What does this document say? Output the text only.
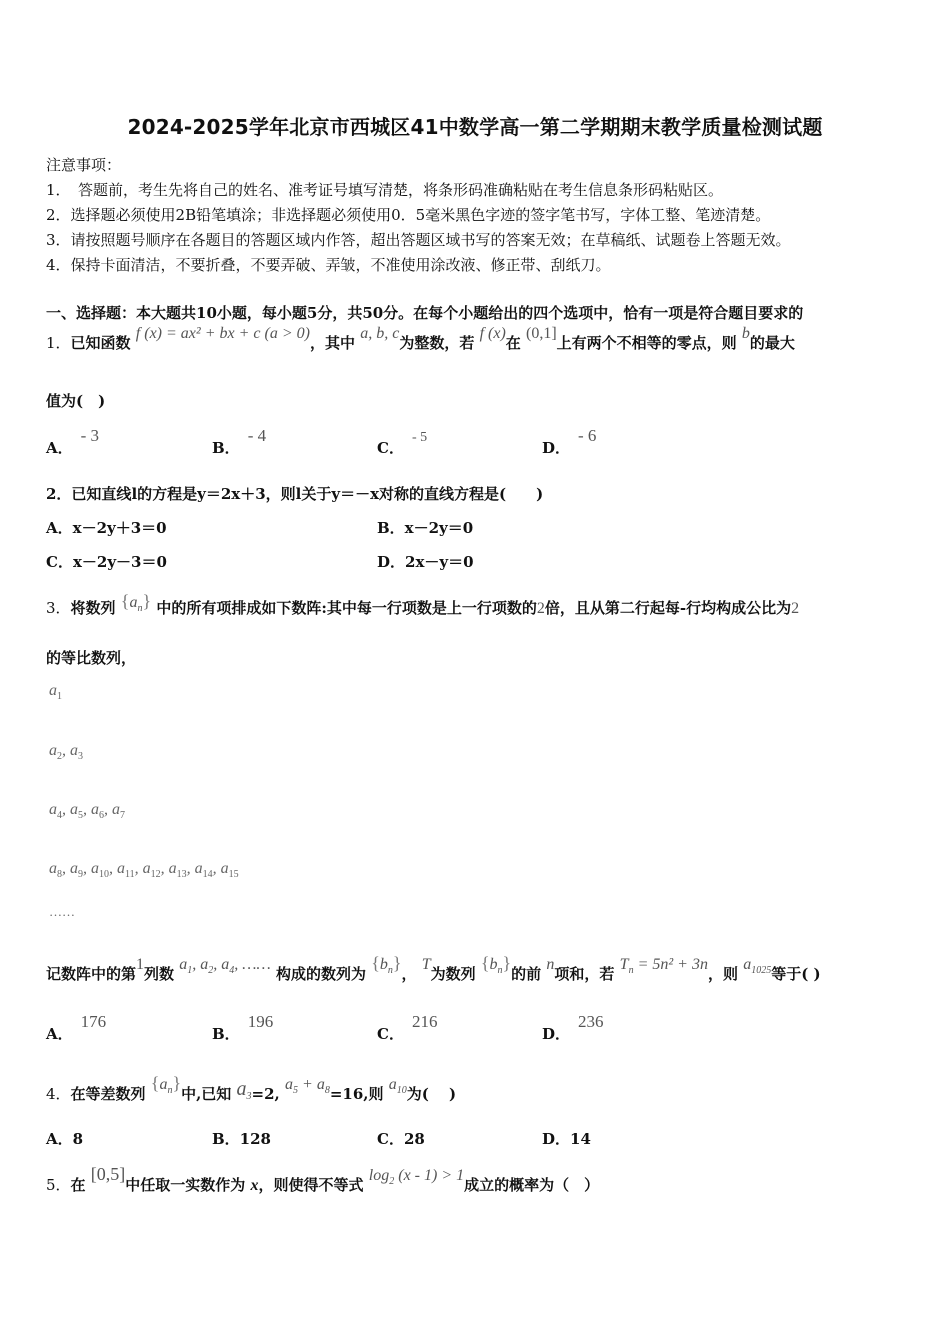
2024-2025学年北京市西城区41中数学高一第二学期期末教学质量检测试题
注意事项：
1．　答题前，考生先将自己的姓名、准考证号填写清楚，将条形码准确粘贴在考生信息条形码粘贴区。
2．选择题必须使用2B铅笔填涂；非选择题必须使用0．5毫米黑色字迹的签字笔书写，字体工整、笔迹清楚。
3．请按照题号顺序在各题目的答题区域内作答，超出答题区域书写的答案无效；在草稿纸、试题卷上答题无效。
4．保持卡面清洁，不要折叠，不要弄破、弄皱，不准使用涂改液、修正带、刮纸刀。
一、选择题：本大题共10小题，每小题5分，共50分。在每个小题给出的四个选项中，恰有一项是符合题目要求的
1．已知函数 f (x) = ax² + bx + c (a > 0)，其中 a, b, c为整数，若 f (x)在 (0,1]上有两个不相等的零点，则 b的最大
值为(　)
A．- 3
B．- 4
C．- 5
D．- 6
2．已知直线l的方程是y＝2x＋3，则l关于y＝－x对称的直线方程是(　　)
A．x－2y＋3＝0	B．x－2y＝0
C．x－2y－3＝0	D．2x－y＝0
3．将数列 $\{a_n\}$ 中的所有项排成如下数阵:其中每一行项数是上一行项数的2倍，且从第二行起每-行均构成公比为2
的等比数列，
$a_1$
$a_2$, $a_3$
$a_4$, $a_5$, $a_6$, $a_7$
$a_8$, $a_9$, $a_{10}$, $a_{11}$, $a_{12}$, $a_{13}$, $a_{14}$, $a_{15}$
……
记数阵中的第1列数 $a_1$, $a_2$, $a_4$, …… 构成的数列为 $\{b_n\}$， T为数列 $\{b_n\}$的前 n项和，若 $T_n = 5n^2 + 3n$，则 $a_{1025}$等于( )
A．176
B．196
C．216
D．236
4．在等差数列 $\{a_n\}$中,已知 $a_3=2$, $a_5 + a_8=16$,则 $a_{10}$为(　 )
A．8	B．128	C．28	D．14
5．在 [0,5]中任取一实数作为 x，则使得不等式 $\log_2 (x - 1) > 1$成立的概率为（　）
